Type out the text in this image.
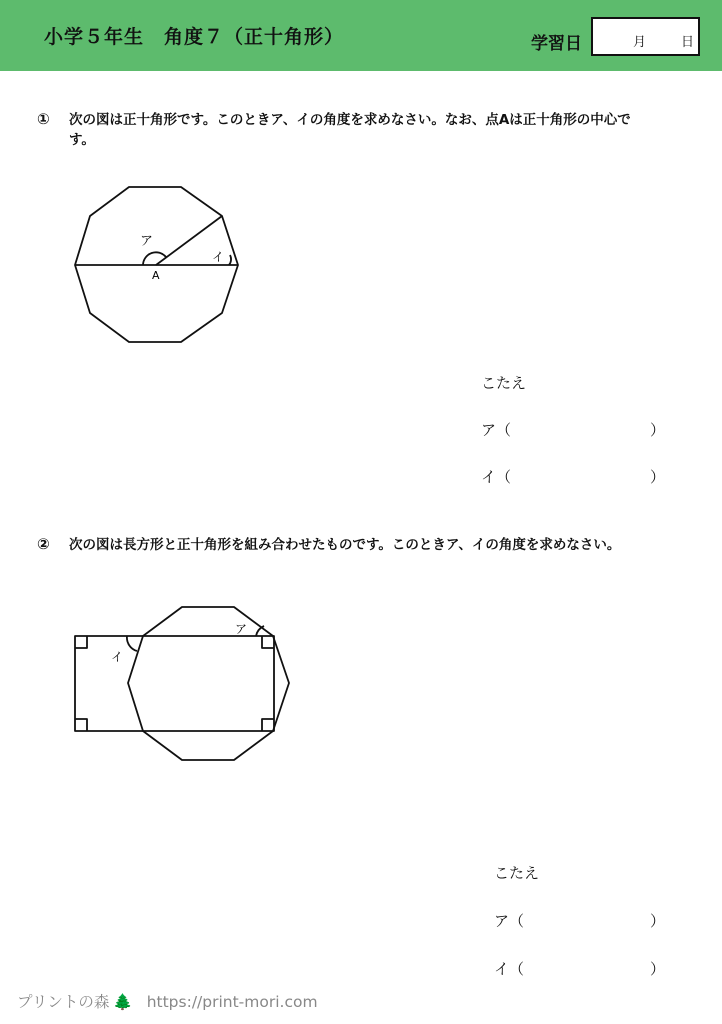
小学５年生　角度７（正十角形）	学習日	月	日
① 次の図は正十角形です。このときア、イの角度を求めなさい。なお、点Aは正十角形の中心です。
ア
イ
A
こたえ
ア（	）
イ（	）
② 次の図は長方形と正十角形を組み合わせたものです。このときア、イの角度を求めなさい。
ア
イ
こたえ
ア（	）
イ（	）
プリントの森 🌲 https://print-mori.com
